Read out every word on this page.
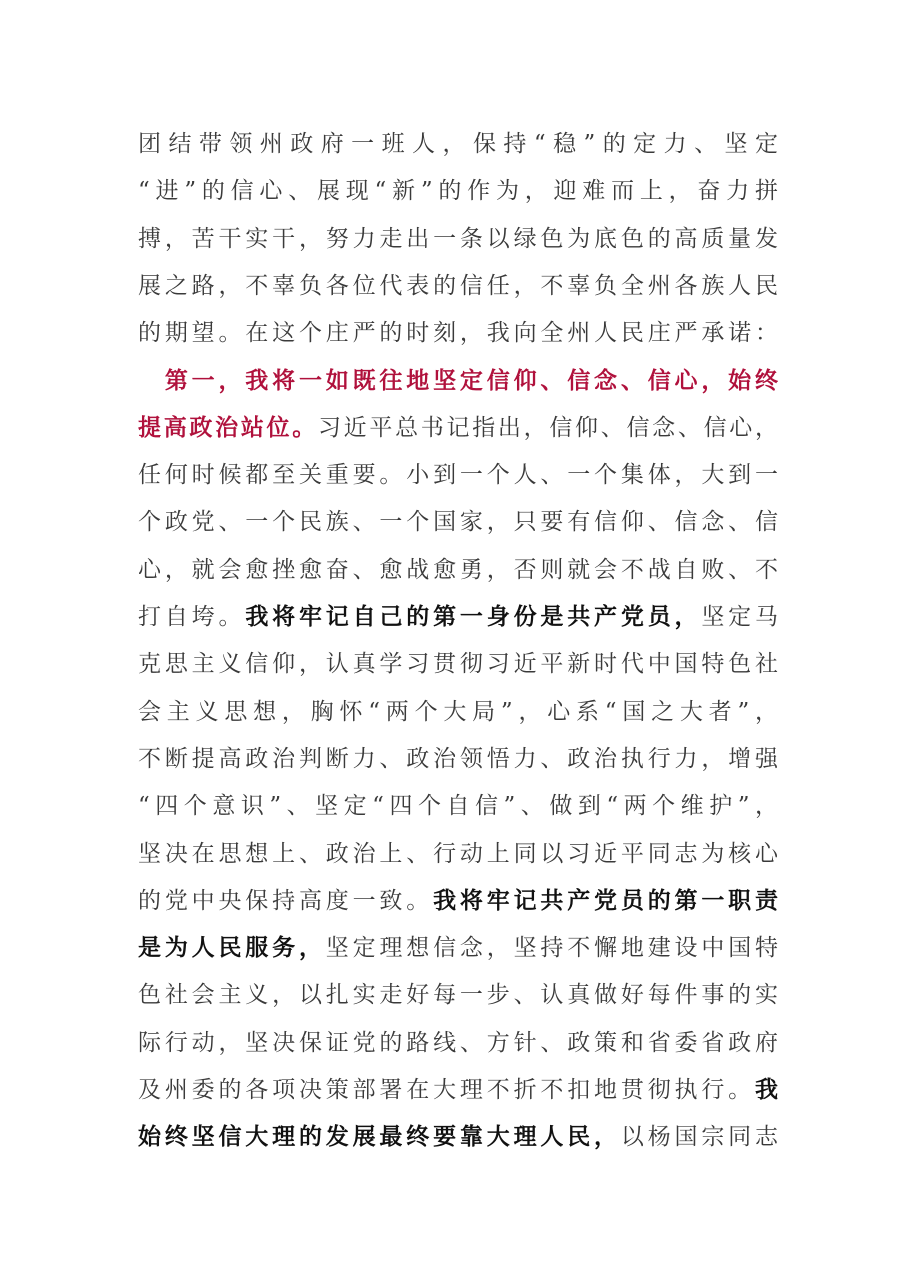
团结带领州政府一班人，保持“稳”的定力、坚定
“进”的信心、展现“新”的作为，迎难而上，奋力拼
搏，苦干实干，努力走出一条以绿色为底色的高质量发
展之路，不辜负各位代表的信任，不辜负全州各族人民
的期望。在这个庄严的时刻，我向全州人民庄严承诺：
　第一，我将一如既往地坚定信仰、信念、信心，始终
提高政治站位。习近平总书记指出，信仰、信念、信心，
任何时候都至关重要。小到一个人、一个集体，大到一
个政党、一个民族、一个国家，只要有信仰、信念、信
心，就会愈挫愈奋、愈战愈勇，否则就会不战自败、不
打自垮。我将牢记自己的第一身份是共产党员，坚定马
克思主义信仰，认真学习贯彻习近平新时代中国特色社
会主义思想，胸怀“两个大局”，心系“国之大者”，
不断提高政治判断力、政治领悟力、政治执行力，增强
“四个意识”、坚定“四个自信”、做到“两个维护”，
坚决在思想上、政治上、行动上同以习近平同志为核心
的党中央保持高度一致。我将牢记共产党员的第一职责
是为人民服务，坚定理想信念，坚持不懈地建设中国特
色社会主义，以扎实走好每一步、认真做好每件事的实
际行动，坚决保证党的路线、方针、政策和省委省政府
及州委的各项决策部署在大理不折不扣地贯彻执行。我
始终坚信大理的发展最终要靠大理人民，以杨国宗同志
